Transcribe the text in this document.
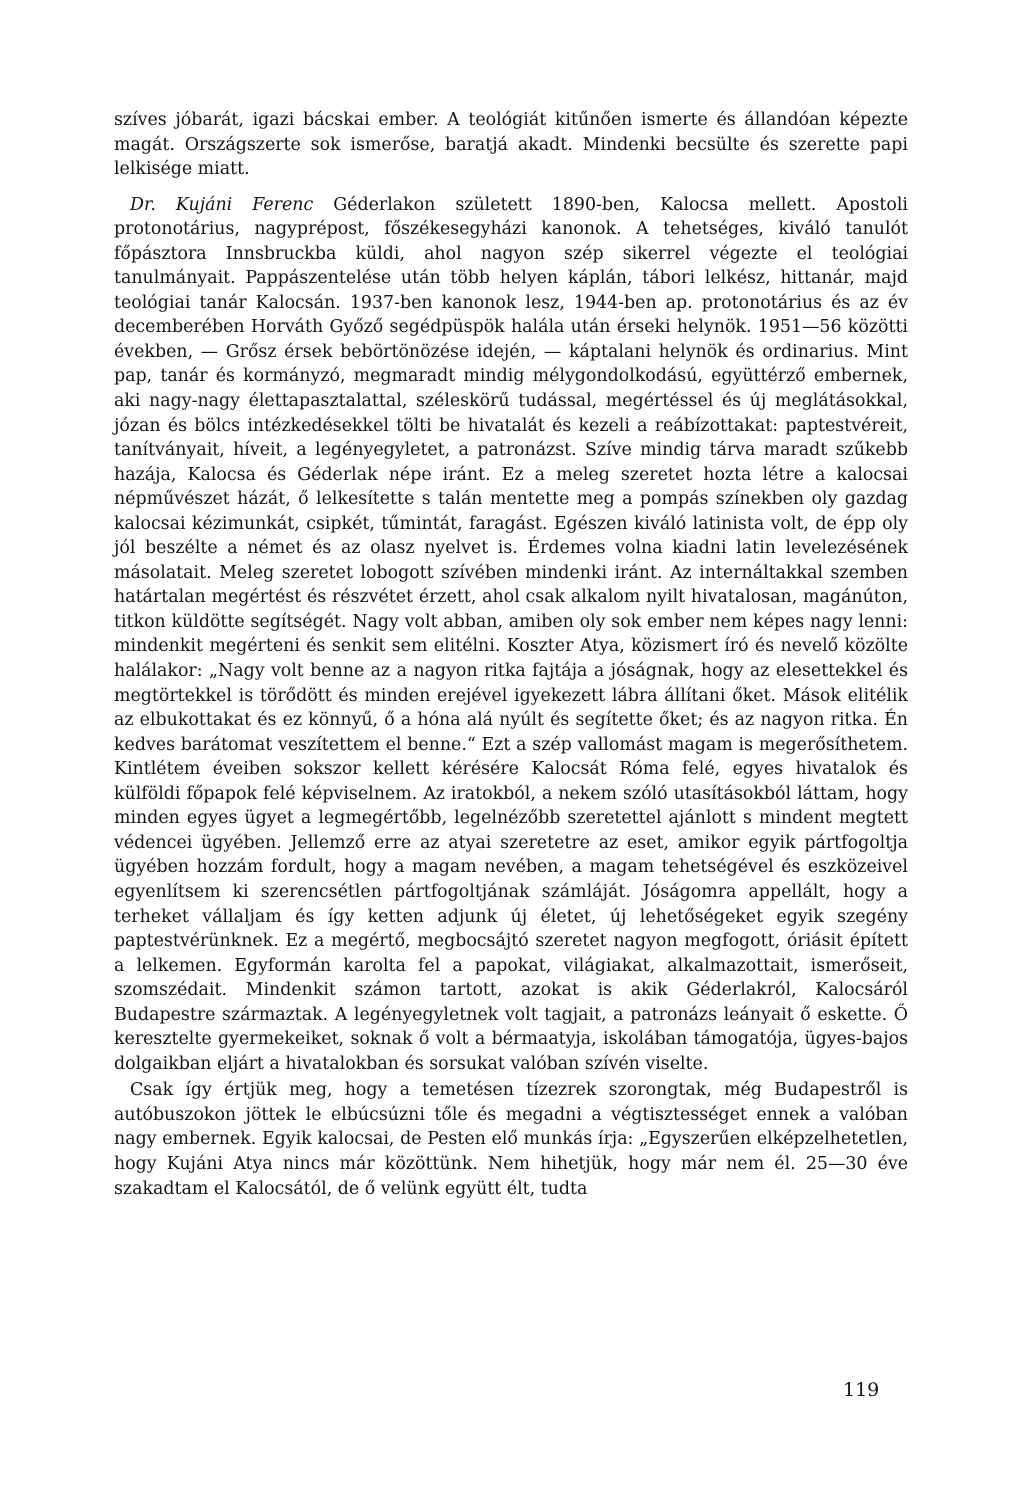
szíves jóbarát, igazi bácskai ember. A teológiát kitűnően ismerte és állandóan képezte magát. Országszerte sok ismerőse, baratjá akadt. Mindenki becsülte és szerette papi lelkisége miatt.

Dr. Kujáni Ferenc Géderlakon született 1890-ben, Kalocsa mellett. Apostoli protonotárius, nagyprépost, főszékesegyházi kanonok. A tehetséges, kiváló tanulót főpásztora Innsbruckba küldi, ahol nagyon szép sikerrel végezte el teológiai tanulmányait. Pappászentelése után több helyen káplán, tábori lelkész, hittanár, majd teológiai tanár Kalocsán. 1937-ben kanonok lesz, 1944-ben ap. protonotárius és az év decemberében Horváth Győző segédpüspök halála után érseki helynök. 1951—56 közötti években, — Grősz érsek bebörtönözése idején, — káptalani helynök és ordinarius. Mint pap, tanár és kormányzó, megmaradt mindig mélygondolkodású, együttérző embernek, aki nagy-nagy élettapasztalattal, széleskörű tudással, megértéssel és új meglátásokkal, józan és bölcs intézkedésekkel tölti be hivatalát és kezeli a reábízottakat: paptestvéreit, tanítványait, híveit, a legényegyletet, a patronázst. Szíve mindig tárva maradt szűkebb hazája, Kalocsa és Géderlak népe iránt. Ez a meleg szeretet hozta létre a kalocsai népművészet házát, ő lelkesítette s talán mentette meg a pompás színekben oly gazdag kalocsai kézimunkát, csipkét, tűmintát, faragást. Egészen kiváló latinista volt, de épp oly jól beszélte a német és az olasz nyelvet is. Érdemes volna kiadni latin levelezésének másolatait. Meleg szeretet lobogott szívében mindenki iránt. Az internáltakkal szemben határtalan megértést és részvétet érzett, ahol csak alkalom nyilt hivatalosan, magánúton, titkon küldötte segítségét. Nagy volt abban, amiben oly sok ember nem képes nagy lenni: mindenkit megérteni és senkit sem elitélni. Koszter Atya, közismert író és nevelő közölte halálakor: „Nagy volt benne az a nagyon ritka fajtája a jóságnak, hogy az elesettekkel és megtörtekkel is törődött és minden erejével igyekezett lábra állítani őket. Mások elitélik az elbukottakat és ez könnyű, ő a hóna alá nyúlt és segítette őket; és az nagyon ritka. Én kedves barátomat veszítettem el benne.“ Ezt a szép vallomást magam is megerősíthetem. Kintlétem éveiben sokszor kellett kérésére Kalocsát Róma felé, egyes hivatalok és külföldi főpapok felé képviselnem. Az iratokból, a nekem szóló utasításokból láttam, hogy minden egyes ügyet a legmegértőbb, legelnézőbb szeretettel ajánlott s mindent megtett védencei ügyében. Jellemző erre az atyai szeretetre az eset, amikor egyik pártfogoltja ügyében hozzám fordult, hogy a magam nevében, a magam tehetségével és eszközeivel egyenlítsem ki szerencsétlen pártfogoltjának számláját. Jóságomra appellált, hogy a terheket vállaljam és így ketten adjunk új életet, új lehetőségeket egyik szegény paptestvérünknek. Ez a megértő, megbocsájtó szeretet nagyon megfogott, óriásit épített a lelkemen. Egyformán karolta fel a papokat, világiakat, alkalmazottait, ismerőseit, szomszédait. Mindenkit számon tartott, azokat is akik Géderlakról, Kalocsáról Budapestre származtak. A legényegyletnek volt tagjait, a patronázs leányait ő eskette. Ő keresztelte gyermekeiket, soknak ő volt a bérmaatyja, iskolában támogatója, ügyes-bajos dolgaikban eljárt a hivatalokban és sorsukat valóban szívén viselte.

Csak így értjük meg, hogy a temetésen tízezrek szorongtak, még Budapestről is autóbuszokon jöttek le elbúcsúzni tőle és megadni a végtisztességet ennek a valóban nagy embernek. Egyik kalocsai, de Pesten elő munkás írja: „Egyszerűen elképzelhetetlen, hogy Kujáni Atya nincs már közöttünk. Nem hihetjük, hogy már nem él. 25—30 éve szakadtam el Kalocsától, de ő velünk együtt élt, tudta

119
